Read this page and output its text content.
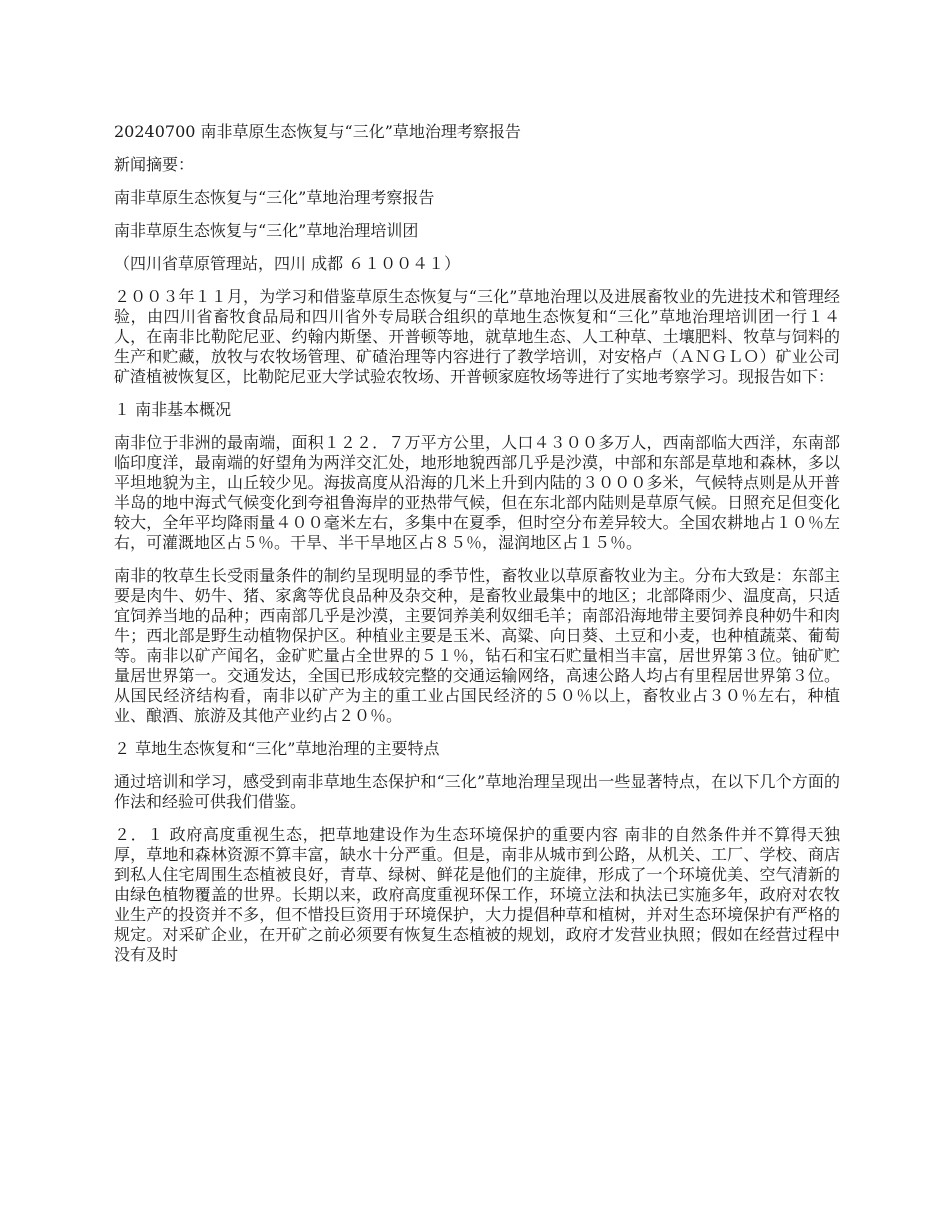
20240700 南非草原生态恢复与“三化”草地治理考察报告

新闻摘要：

南非草原生态恢复与“三化”草地治理考察报告

南非草原生态恢复与“三化”草地治理培训团

（四川省草原管理站，四川 成都 ６１００４１）

２００３年１１月，为学习和借鉴草原生态恢复与“三化”草地治理以及进展畜牧业的先进技术和管理经验，由四川省畜牧食品局和四川省外专局联合组织的草地生态恢复和“三化”草地治理培训团一行１４人，在南非比勒陀尼亚、约翰内斯堡、开普顿等地，就草地生态、人工种草、土壤肥料、牧草与饲料的生产和贮藏，放牧与农牧场管理、矿碴治理等内容进行了教学培训，对安格卢（ＡＮＧＬＯ）矿业公司矿渣植被恢复区，比勒陀尼亚大学试验农牧场、开普顿家庭牧场等进行了实地考察学习。现报告如下：

１ 南非基本概况

南非位于非洲的最南端，面积１２２．７万平方公里，人口４３００多万人，西南部临大西洋，东南部临印度洋，最南端的好望角为两洋交汇处，地形地貌西部几乎是沙漠，中部和东部是草地和森林，多以平坦地貌为主，山丘较少见。海拔高度从沿海的几米上升到内陆的３０００多米，气候特点则是从开普半岛的地中海式气候变化到夸祖鲁海岸的亚热带气候，但在东北部内陆则是草原气候。日照充足但变化较大，全年平均降雨量４００毫米左右，多集中在夏季，但时空分布差异较大。全国农耕地占１０％左右，可灌溉地区占５％。干旱、半干旱地区占８５％，湿润地区占１５％。

南非的牧草生长受雨量条件的制约呈现明显的季节性，畜牧业以草原畜牧业为主。分布大致是：东部主要是肉牛、奶牛、猪、家禽等优良品种及杂交种，是畜牧业最集中的地区；北部降雨少、温度高，只适宜饲养当地的品种；西南部几乎是沙漠，主要饲养美利奴细毛羊；南部沿海地带主要饲养良种奶牛和肉牛；西北部是野生动植物保护区。种植业主要是玉米、高粱、向日葵、土豆和小麦，也种植蔬菜、葡萄等。南非以矿产闻名，金矿贮量占全世界的５１％，钻石和宝石贮量相当丰富，居世界第３位。铀矿贮量居世界第一。交通发达，全国已形成较完整的交通运输网络，高速公路人均占有里程居世界第３位。从国民经济结构看，南非以矿产为主的重工业占国民经济的５０％以上，畜牧业占３０％左右，种植业、酿酒、旅游及其他产业约占２０％。

２ 草地生态恢复和“三化”草地治理的主要特点

通过培训和学习，感受到南非草地生态保护和“三化”草地治理呈现出一些显著特点，在以下几个方面的作法和经验可供我们借鉴。

２．１ 政府高度重视生态，把草地建设作为生态环境保护的重要内容 南非的自然条件并不算得天独厚，草地和森林资源不算丰富，缺水十分严重。但是，南非从城市到公路，从机关、工厂、学校、商店到私人住宅周围生态植被良好，青草、绿树、鲜花是他们的主旋律，形成了一个环境优美、空气清新的由绿色植物覆盖的世界。长期以来，政府高度重视环保工作，环境立法和执法已实施多年，政府对农牧业生产的投资并不多，但不惜投巨资用于环境保护，大力提倡种草和植树，并对生态环境保护有严格的规定。对采矿企业，在开矿之前必须要有恢复生态植被的规划，政府才发营业执照；假如在经营过程中没有及时
